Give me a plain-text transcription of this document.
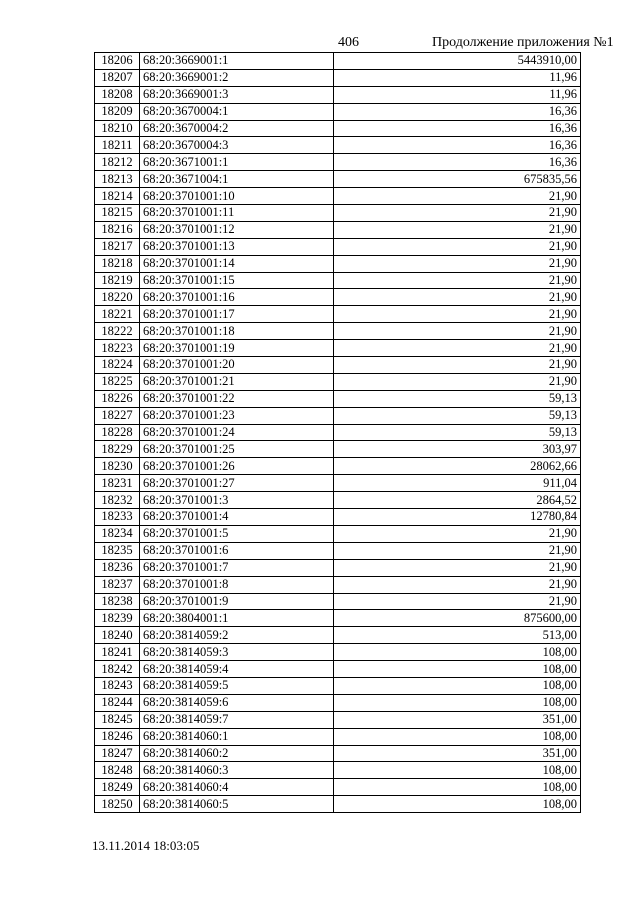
406	Продолжение приложения №1
18206	68:20:3669001:1	5443910,00
18207	68:20:3669001:2	11,96
18208	68:20:3669001:3	11,96
18209	68:20:3670004:1	16,36
18210	68:20:3670004:2	16,36
18211	68:20:3670004:3	16,36
18212	68:20:3671001:1	16,36
18213	68:20:3671004:1	675835,56
18214	68:20:3701001:10	21,90
18215	68:20:3701001:11	21,90
18216	68:20:3701001:12	21,90
18217	68:20:3701001:13	21,90
18218	68:20:3701001:14	21,90
18219	68:20:3701001:15	21,90
18220	68:20:3701001:16	21,90
18221	68:20:3701001:17	21,90
18222	68:20:3701001:18	21,90
18223	68:20:3701001:19	21,90
18224	68:20:3701001:20	21,90
18225	68:20:3701001:21	21,90
18226	68:20:3701001:22	59,13
18227	68:20:3701001:23	59,13
18228	68:20:3701001:24	59,13
18229	68:20:3701001:25	303,97
18230	68:20:3701001:26	28062,66
18231	68:20:3701001:27	911,04
18232	68:20:3701001:3	2864,52
18233	68:20:3701001:4	12780,84
18234	68:20:3701001:5	21,90
18235	68:20:3701001:6	21,90
18236	68:20:3701001:7	21,90
18237	68:20:3701001:8	21,90
18238	68:20:3701001:9	21,90
18239	68:20:3804001:1	875600,00
18240	68:20:3814059:2	513,00
18241	68:20:3814059:3	108,00
18242	68:20:3814059:4	108,00
18243	68:20:3814059:5	108,00
18244	68:20:3814059:6	108,00
18245	68:20:3814059:7	351,00
18246	68:20:3814060:1	108,00
18247	68:20:3814060:2	351,00
18248	68:20:3814060:3	108,00
18249	68:20:3814060:4	108,00
18250	68:20:3814060:5	108,00
13.11.2014 18:03:05
